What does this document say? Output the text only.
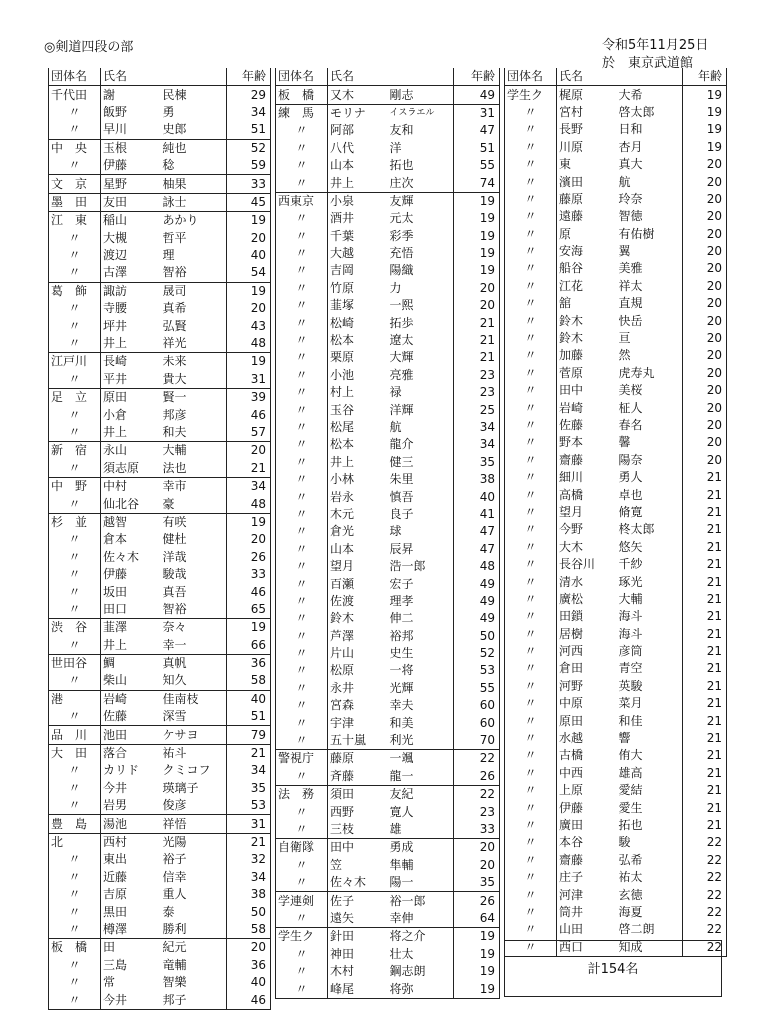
◎剣道四段の部	令和5年11月25日
於　東京武道館
団体名	氏名		年齢
千代田	謝	民棟	29
〃	飯野	勇	34
〃	早川	史郎	51
中　央	玉根	純也	52
〃	伊藤	稔	59
文　京	星野	柚果	33
墨　田	友田	詠士	45
江　東	稲山	あかり	19
〃	大槻	哲平	20
〃	渡辺	理	40
〃	古澤	智裕	54
葛　飾	諏訪	晟司	19
〃	寺腰	真希	20
〃	坪井	弘賢	43
〃	井上	祥光	48
江戸川	長崎	未来	19
〃	平井	貴大	31
足　立	原田	賢一	39
〃	小倉	邦彦	46
〃	井上	和夫	57
新　宿	永山	大輔	20
〃	須志原	法也	21
中　野	中村	幸市	34
〃	仙北谷	豪	48
杉　並	越智	有咲	19
〃	倉本	健杜	20
〃	佐々木	洋哉	26
〃	伊藤	駿哉	33
〃	坂田	真吾	46
〃	田口	智裕	65
渋　谷	韮澤	奈々	19
〃	井上	幸一	66
世田谷	鯛	真帆	36
〃	柴山	知久	58
港	岩崎	佳南枝	40
〃	佐藤	深雪	51
品　川	池田	ケサヨ	79
大　田	落合	祐斗	21
〃	カリド	クミコフ	34
〃	今井	瑛璃子	35
〃	岩男	俊彦	53
豊　島	湯池	祥悟	31
北	西村	光陽	21
〃	東出	裕子	32
〃	近藤	信幸	34
〃	吉原	重人	38
〃	黒田	泰	50
〃	樽澤	勝利	58
板　橋	田	紀元	20
〃	三島	竜輔	36
〃	常	智樂	40
〃	今井	邦子	46
団体名	氏名		年齢
板　橋	又木	剛志	49
練　馬	モリナ	イスラエル	31
〃	阿部	友和	47
〃	八代	洋	51
〃	山本	拓也	55
〃	井上	庄次	74
西東京	小泉	友輝	19
〃	酒井	元太	19
〃	千葉	彩季	19
〃	大越	充悟	19
〃	吉岡	陽織	19
〃	竹原	力	20
〃	韮塚	一熙	20
〃	松崎	拓歩	21
〃	松本	遼太	21
〃	栗原	大輝	21
〃	小池	亮雅	23
〃	村上	禄	23
〃	玉谷	洋輝	25
〃	松尾	航	34
〃	松本	龍介	34
〃	井上	健三	35
〃	小林	朱里	38
〃	岩永	慎吾	40
〃	木元	良子	41
〃	倉光	球	47
〃	山本	辰昇	47
〃	望月	浩一郎	48
〃	百瀬	宏子	49
〃	佐渡	理孝	49
〃	鈴木	伸二	49
〃	芦澤	裕邦	50
〃	片山	史生	52
〃	松原	一将	53
〃	永井	光輝	55
〃	宮森	幸夫	60
〃	宇津	和美	60
〃	五十嵐	利光	70
警視庁	藤原	一颯	22
〃	斉藤	龍一	26
法　務	須田	友紀	22
〃	西野	寛人	23
〃	三枝	雄	33
自衛隊	田中	勇成	20
〃	笠	隼輔	20
〃	佐々木	陽一	35
学連剣	佐子	裕一郎	26
〃	遠矢	幸伸	64
学生ク	針田	将之介	19
〃	神田	壮太	19
〃	木村	鋼志朗	19
〃	峰尾	将弥	19
団体名	氏名		年齢
学生ク	梶原	大希	19
〃	宮村	啓太郎	19
〃	長野	日和	19
〃	川原	杏月	19
〃	東	真大	20
〃	濱田	航	20
〃	藤原	玲奈	20
〃	遠藤	智徳	20
〃	原	有佑樹	20
〃	安海	翼	20
〃	船谷	美雅	20
〃	江花	祥太	20
〃	舘	直規	20
〃	鈴木	快岳	20
〃	鈴木	亘	20
〃	加藤	然	20
〃	菅原	虎寿丸	20
〃	田中	美桜	20
〃	岩崎	柾人	20
〃	佐藤	春名	20
〃	野本	馨	20
〃	齋藤	陽奈	20
〃	細川	勇人	21
〃	高橋	卓也	21
〃	望月	脩寛	21
〃	今野	柊太郎	21
〃	大木	悠矢	21
〃	長谷川	千紗	21
〃	清水	琢光	21
〃	廣松	大輔	21
〃	田鎖	海斗	21
〃	居樹	海斗	21
〃	河西	彦筒	21
〃	倉田	青空	21
〃	河野	英駿	21
〃	中原	菜月	21
〃	原田	和佳	21
〃	水越	響	21
〃	古橋	侑大	21
〃	中西	雄高	21
〃	上原	愛結	21
〃	伊藤	愛生	21
〃	廣田	拓也	21
〃	本谷	駿	22
〃	齋藤	弘希	22
〃	庄子	祐太	22
〃	河津	玄徳	22
〃	筒井	海夏	22
〃	山田	啓二朗	22
〃	西口	知成	22
計154名
